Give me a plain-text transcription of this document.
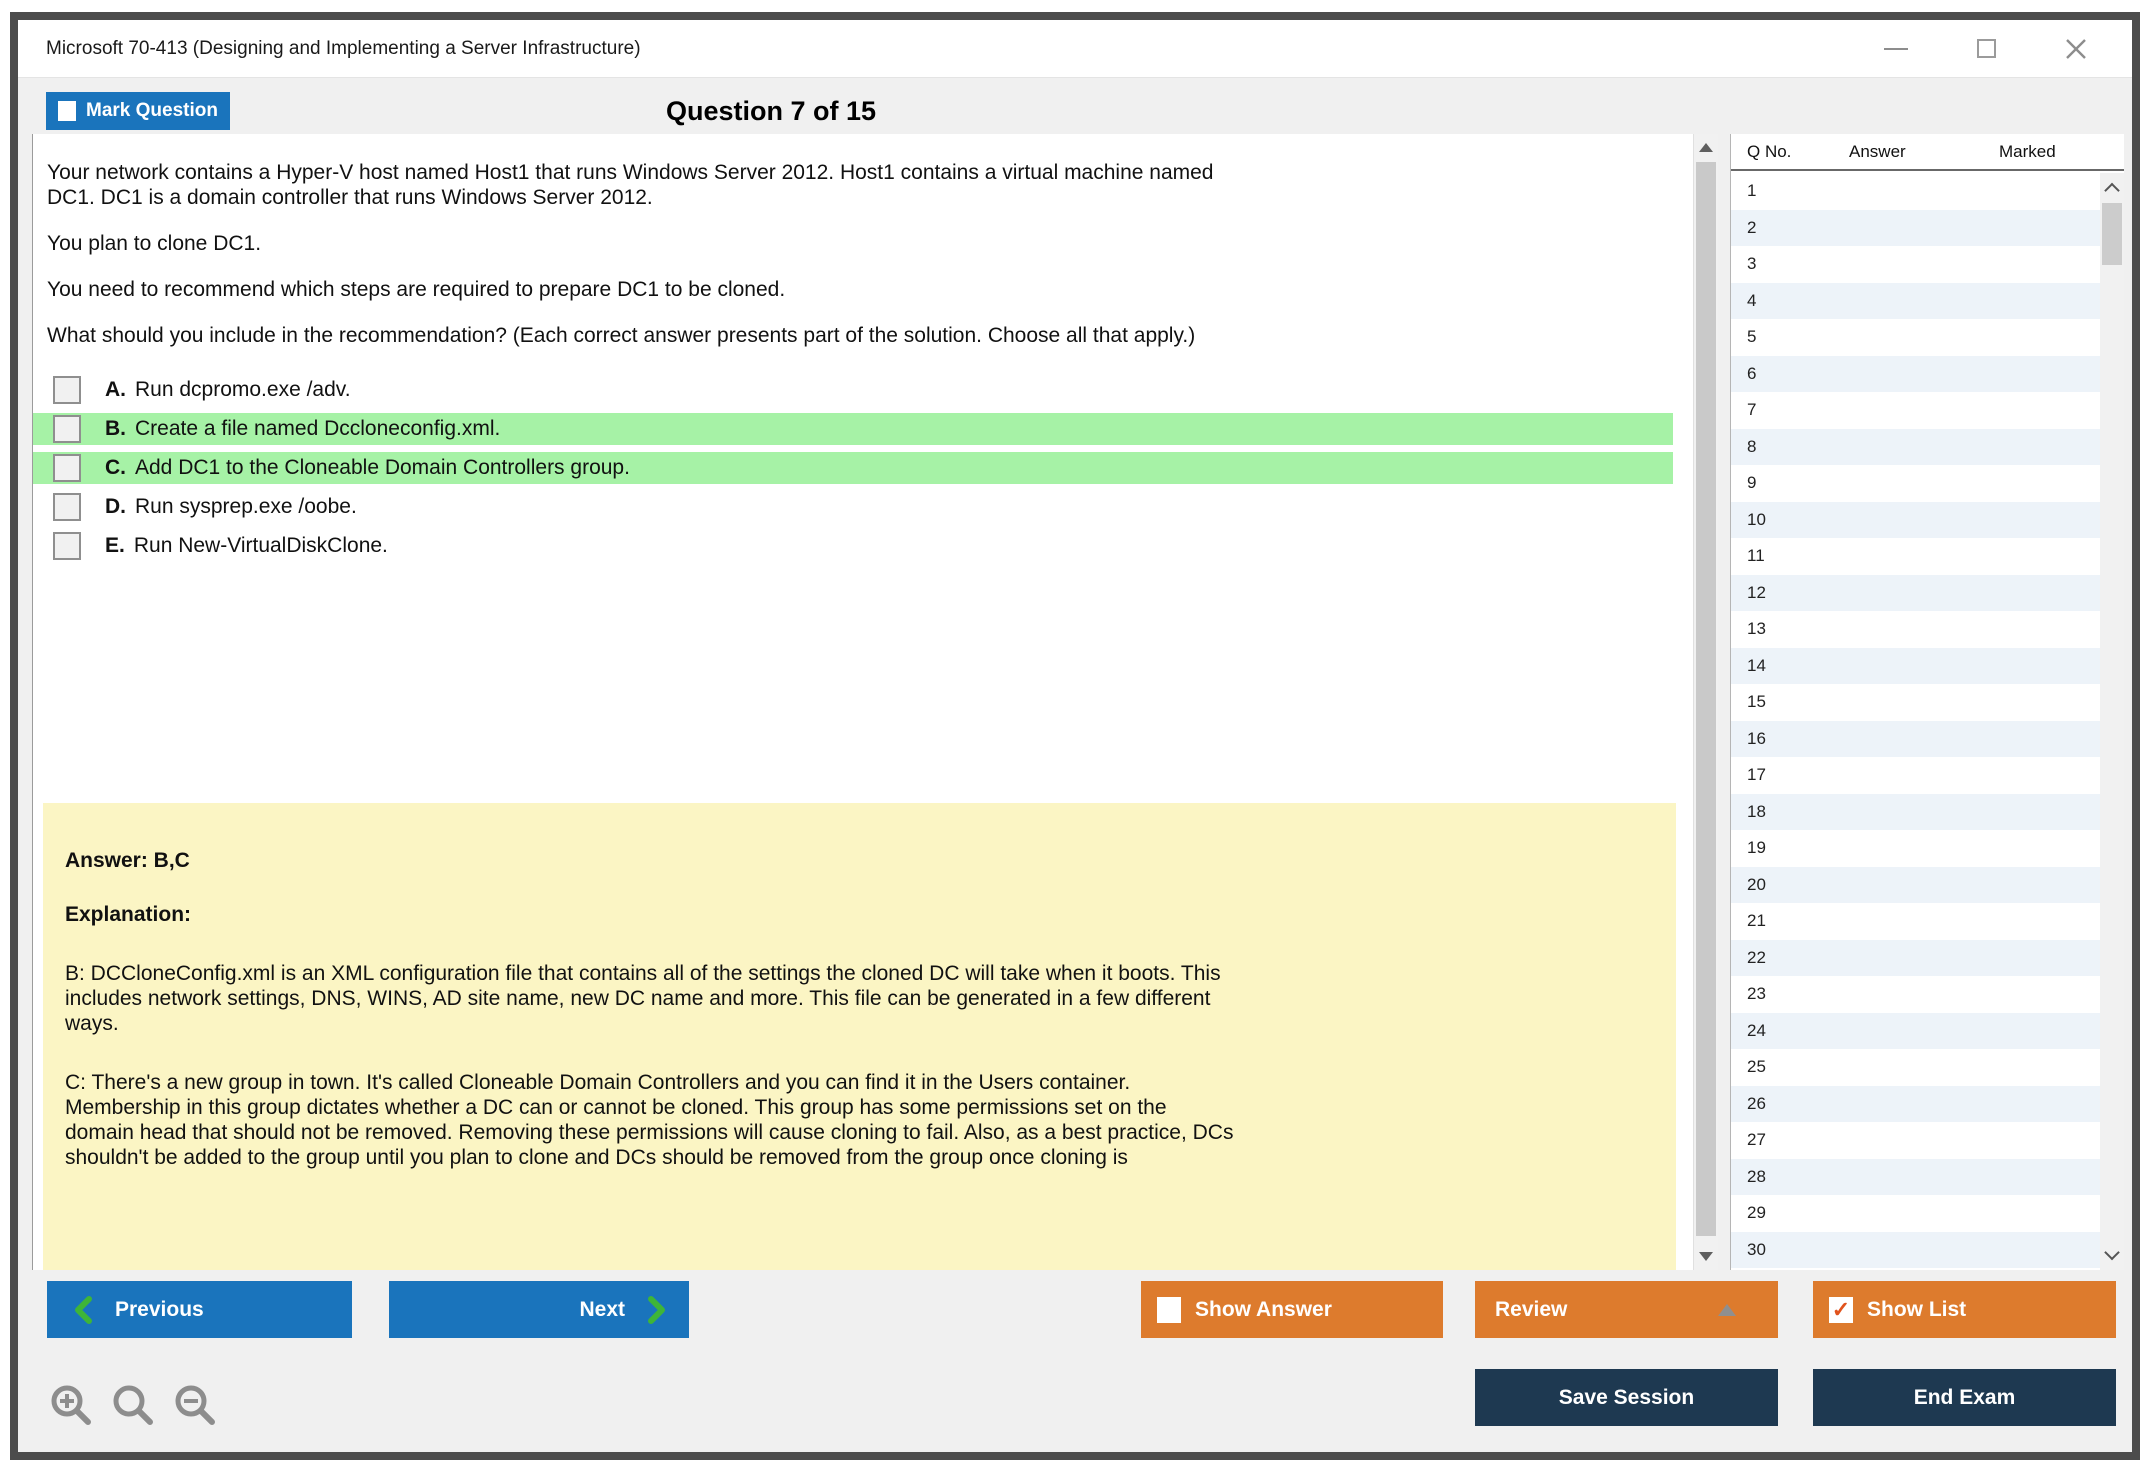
Microsoft 70-413 (Designing and Implementing a Server Infrastructure)
Mark Question	Question 7 of 15

Your network contains a Hyper-V host named Host1 that runs Windows Server 2012. Host1 contains a virtual machine named DC1. DC1 is a domain controller that runs Windows Server 2012.

You plan to clone DC1.

You need to recommend which steps are required to prepare DC1 to be cloned.

What should you include in the recommendation? (Each correct answer presents part of the solution. Choose all that apply.)

A. Run dcpromo.exe /adv.
B. Create a file named Dccloneconfig.xml.
C. Add DC1 to the Cloneable Domain Controllers group.
D. Run sysprep.exe /oobe.
E. Run New-VirtualDiskClone.

Answer: B,C

Explanation:

B: DCCloneConfig.xml is an XML configuration file that contains all of the settings the cloned DC will take when it boots. This includes network settings, DNS, WINS, AD site name, new DC name and more. This file can be generated in a few different ways.

C: There's a new group in town. It's called Cloneable Domain Controllers and you can find it in the Users container. Membership in this group dictates whether a DC can or cannot be cloned. This group has some permissions set on the domain head that should not be removed. Removing these permissions will cause cloning to fail. Also, as a best practice, DCs shouldn't be added to the group until you plan to clone and DCs should be removed from the group once cloning is

Q No.	Answer	Marked
1
2
3
4
5
6
7
8
9
10
11
12
13
14
15
16
17
18
19
20
21
22
23
24
25
26
27
28
29
30
Previous	Next	Show Answer	Review	✓ Show List
Save Session	End Exam
